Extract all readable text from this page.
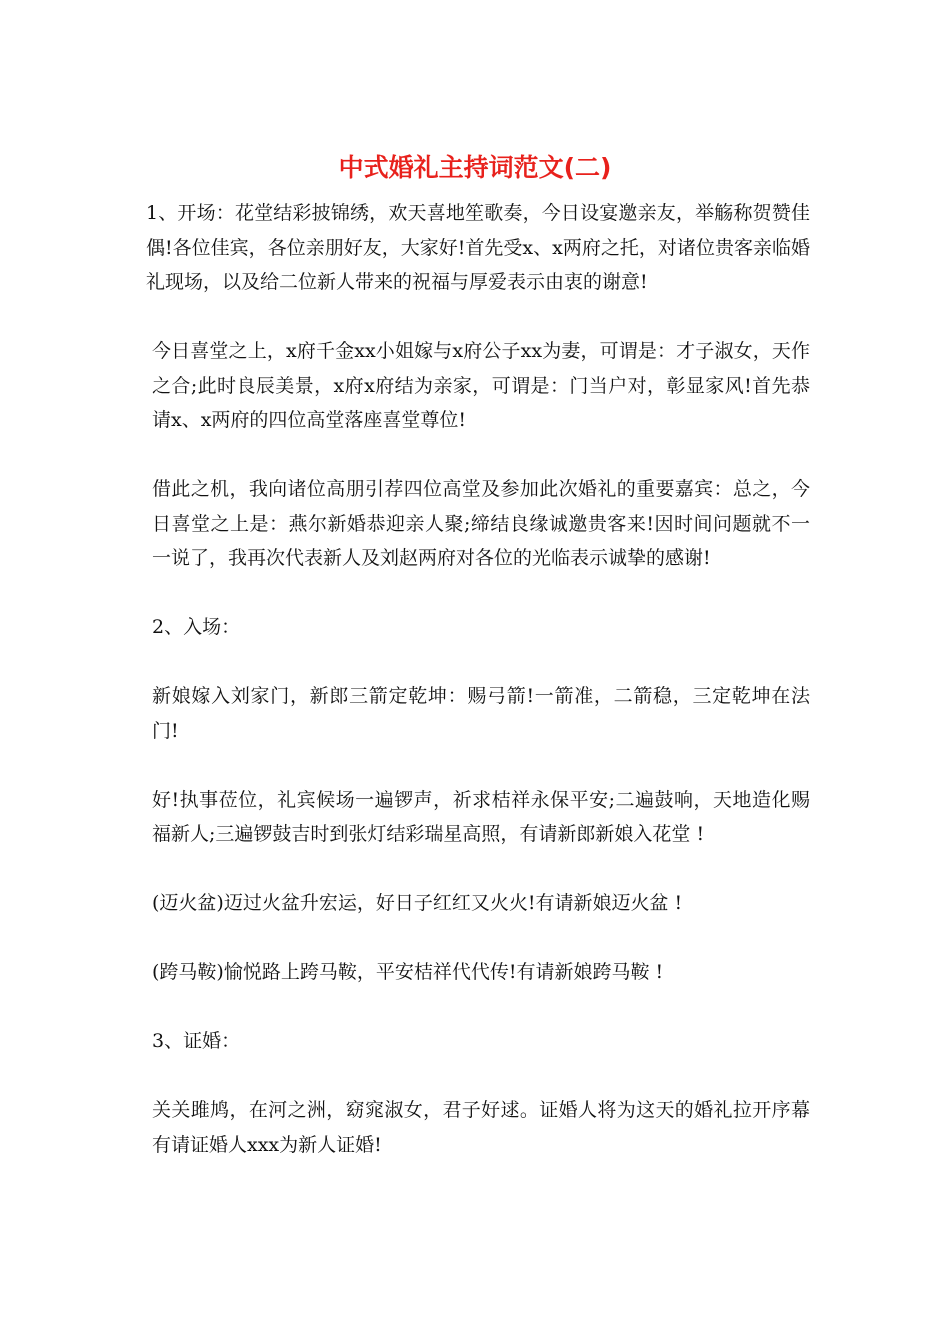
中式婚礼主持词范文(二)

1、开场：花堂结彩披锦绣，欢天喜地笙歌奏，今日设宴邀亲友，举觞称贺赞佳偶!各位佳宾，各位亲朋好友，大家好!首先受x、x两府之托，对诸位贵客亲临婚礼现场，以及给二位新人带来的祝福与厚爱表示由衷的谢意!

今日喜堂之上，x府千金xx小姐嫁与x府公子xx为妻，可谓是：才子淑女，天作之合;此时良辰美景，x府x府结为亲家，可谓是：门当户对，彰显家风!首先恭请x、x两府的四位高堂落座喜堂尊位!

借此之机，我向诸位高朋引荐四位高堂及参加此次婚礼的重要嘉宾：总之，今日喜堂之上是：燕尔新婚恭迎亲人聚;缔结良缘诚邀贵客来!因时间问题就不一一说了，我再次代表新人及刘赵两府对各位的光临表示诚挚的感谢!

2、入场：

新娘嫁入刘家门，新郎三箭定乾坤：赐弓箭!一箭准，二箭稳，三定乾坤在法门!

好!执事莅位，礼宾候场一遍锣声，祈求桔祥永保平安;二遍鼓响，天地造化赐福新人;三遍锣鼓吉时到张灯结彩瑞星高照，有请新郎新娘入花堂 !

(迈火盆)迈过火盆升宏运，好日子红红又火火!有请新娘迈火盆 !

(跨马鞍)愉悦路上跨马鞍，平安桔祥代代传!有请新娘跨马鞍 !

3、证婚：

关关雎鸠，在河之洲，窈窕淑女，君子好逑。证婚人将为这天的婚礼拉开序幕有请证婚人xxx为新人证婚!
